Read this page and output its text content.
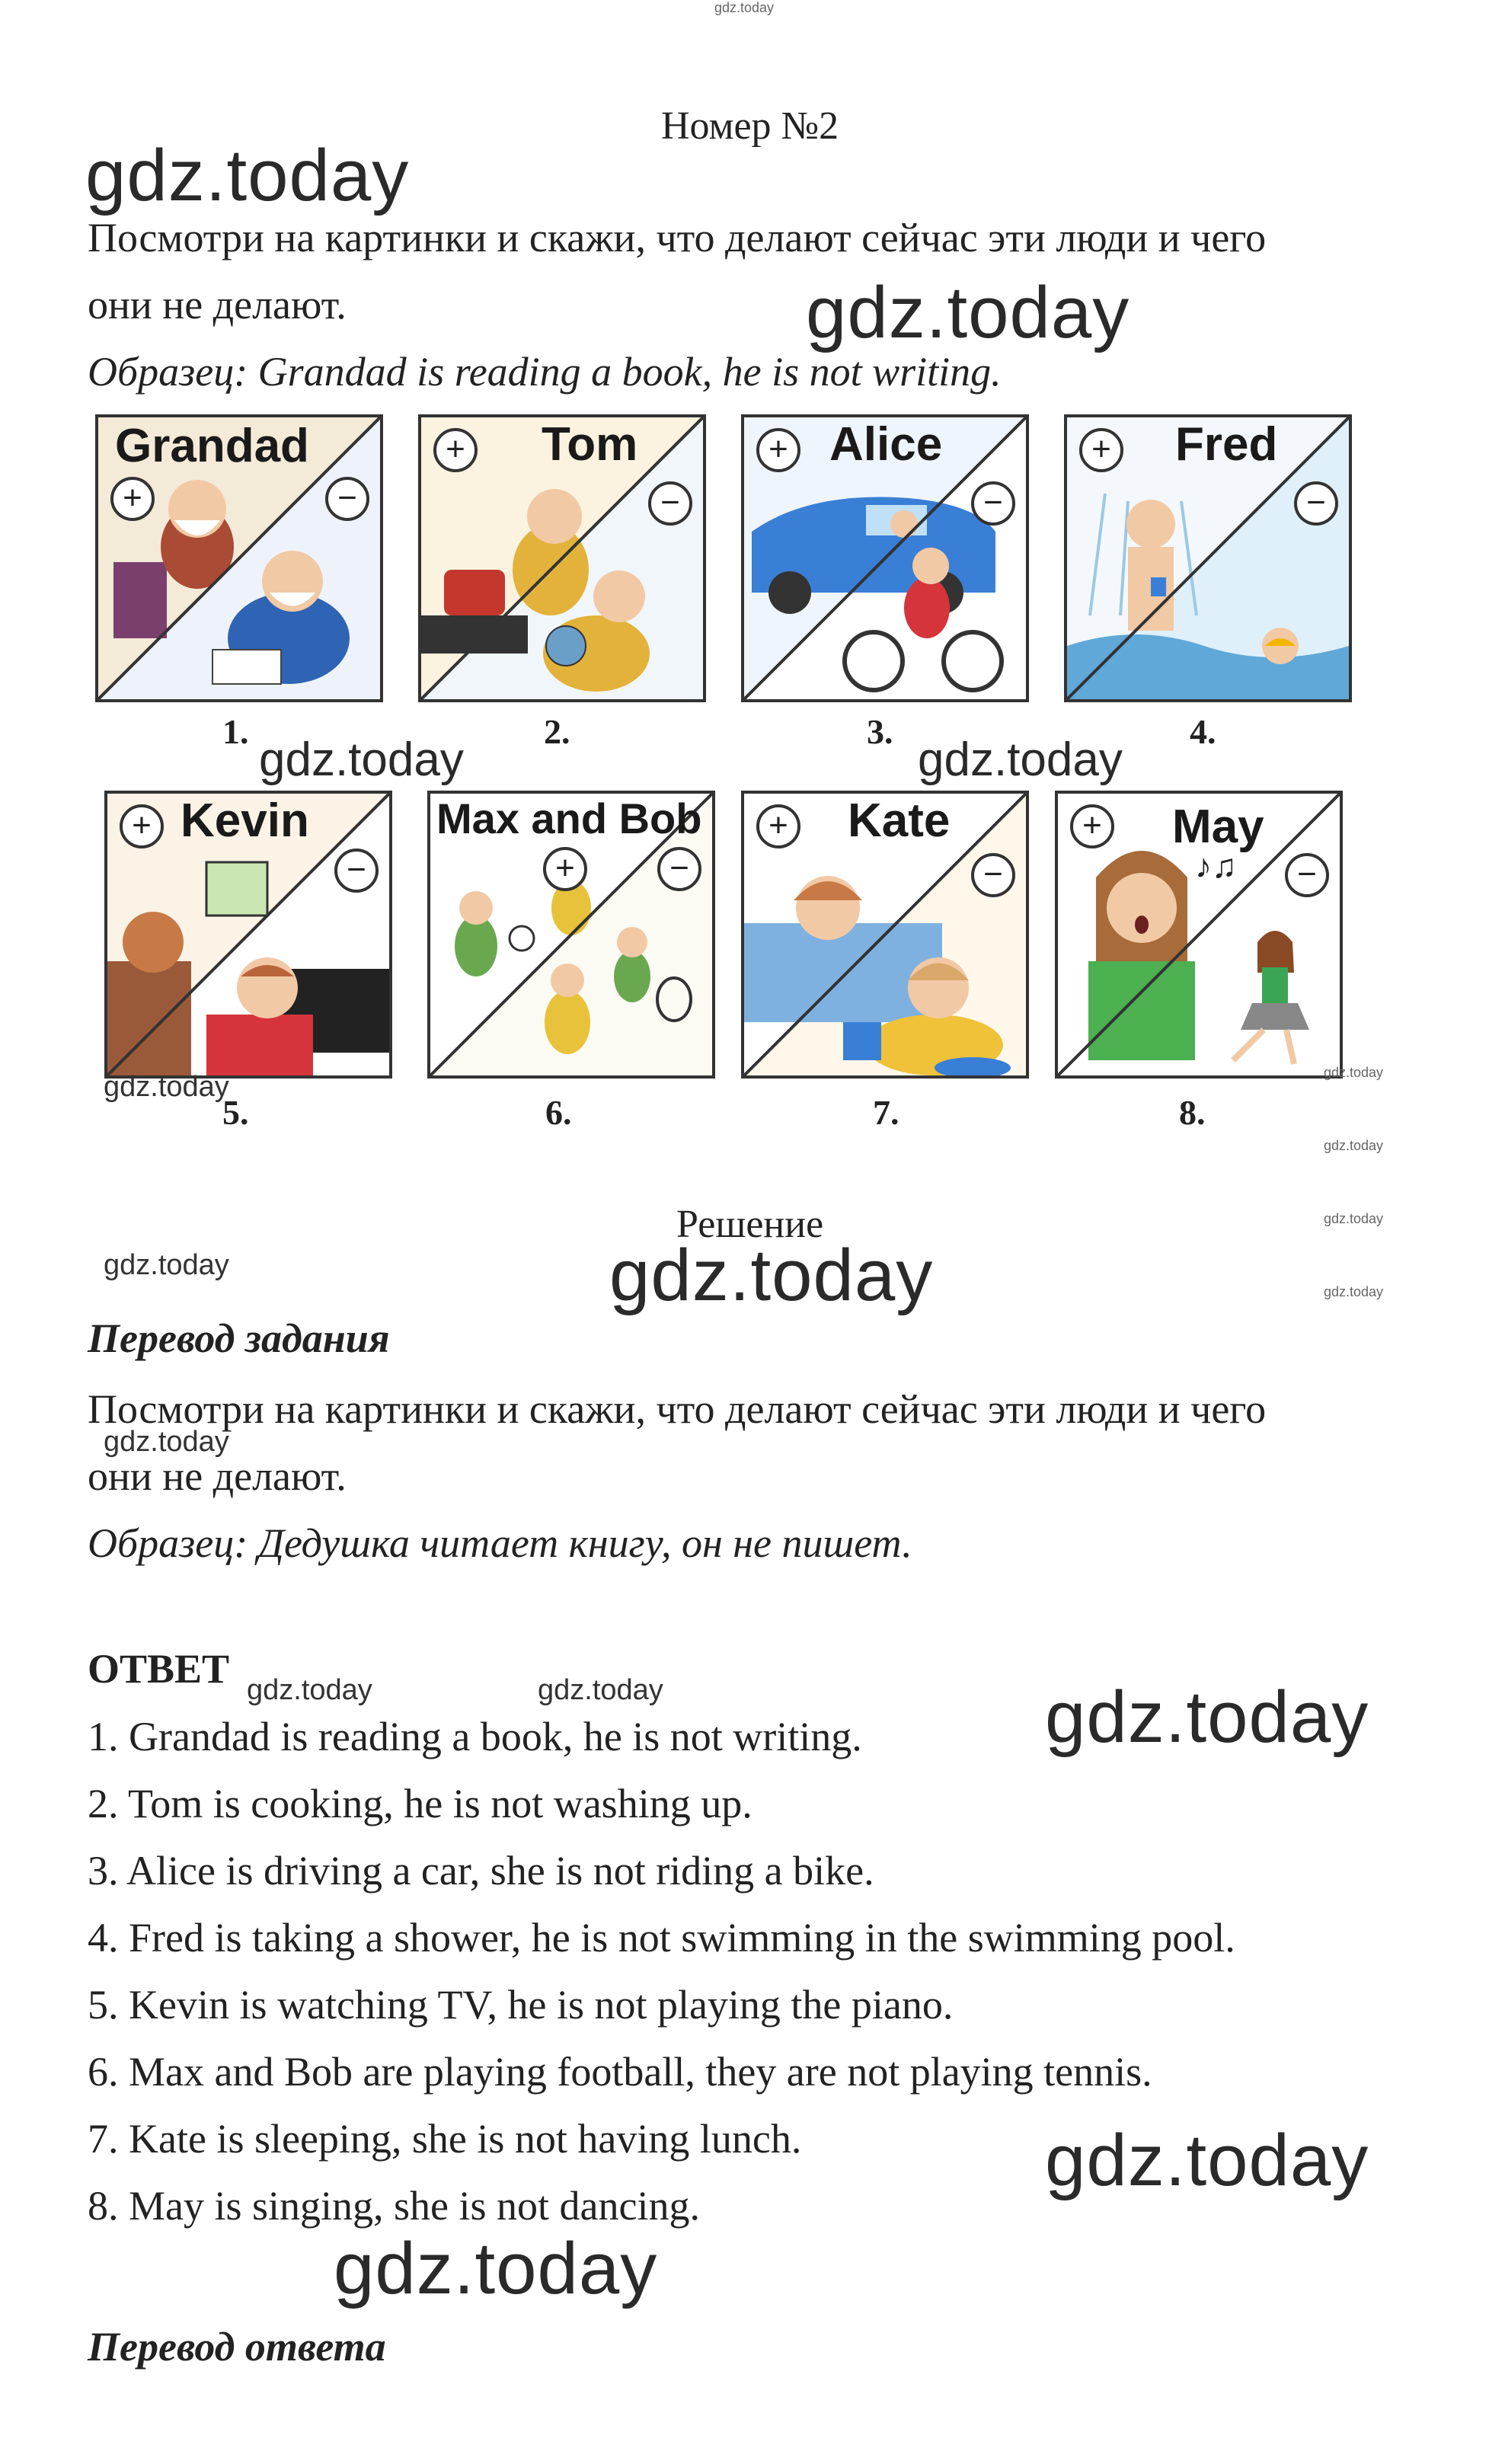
gdz.today
Номер №2
gdz.today
Посмотри на картинки и скажи, что делают сейчас эти люди и чего
они не делают.	gdz.today
Образец: Grandad is reading a book, he is not writing.
Grandad
+	−
1.
+ Tom
−
2.
+ Alice
−
3.
+ Fred
−
4.
gdz.today	gdz.today
+ Kevin
−
gdz.today
5.
Max and Bob
+	−
6.
+ Kate
−
7.
♪♫
+ May
−
8.
gdz.today
gdz.today
gdz.today
gdz.today
Решение
gdz.today	gdz.today
Перевод задания
Посмотри на картинки и скажи, что делают сейчас эти люди и чего
gdz.today
они не делают.
Образец: Дедушка читает книгу, он не пишет.
ОТВЕТ gdz.today	gdz.today	gdz.today
1. Grandad is reading a book, he is not writing.
2. Tom is cooking, he is not washing up.
3. Alice is driving a car, she is not riding a bike.
4. Fred is taking a shower, he is not swimming in the swimming pool.
5. Kevin is watching TV, he is not playing the piano.
6. Max and Bob are playing football, they are not playing tennis.
7. Kate is sleeping, she is not having lunch.
8. May is singing, she is not dancing.
gdz.today
gdz.today
Перевод ответа
